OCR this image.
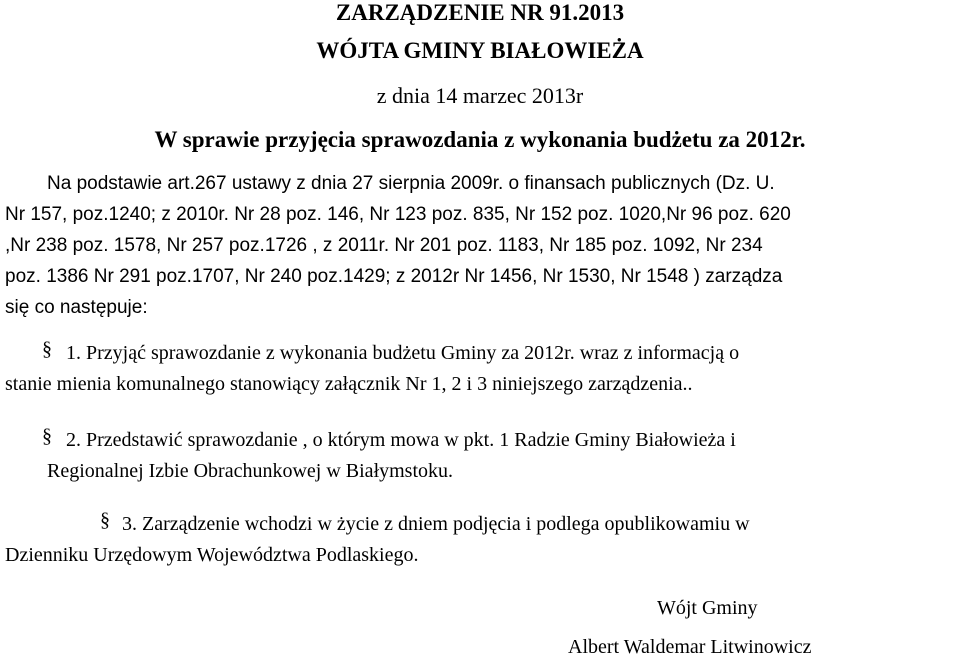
ZARZĄDZENIE NR 91.2013
WÓJTA GMINY BIAŁOWIEŻA
z dnia 14 marzec 2013r
W sprawie przyjęcia sprawozdania z wykonania budżetu za 2012r.
Na podstawie art.267 ustawy z dnia 27 sierpnia 2009r. o finansach publicznych (Dz. U.
Nr 157, poz.1240; z 2010r. Nr 28 poz. 146, Nr 123 poz. 835, Nr 152 poz. 1020,Nr 96 poz. 620
,Nr 238 poz. 1578, Nr 257 poz.1726 , z 2011r. Nr 201 poz. 1183, Nr 185 poz. 1092, Nr 234
poz. 1386 Nr 291 poz.1707, Nr 240 poz.1429; z 2012r Nr 1456, Nr 1530, Nr 1548 ) zarządza
się co następuje:
§ 1. Przyjąć sprawozdanie z wykonania budżetu Gminy za 2012r. wraz z informacją o
stanie mienia komunalnego stanowiący załącznik Nr 1, 2 i 3 niniejszego zarządzenia..
§ 2. Przedstawić sprawozdanie , o którym mowa w pkt. 1 Radzie Gminy Białowieża i
Regionalnej Izbie Obrachunkowej w Białymstoku.
§ 3. Zarządzenie wchodzi w życie z dniem podjęcia i podlega opublikowamiu w
Dzienniku Urzędowym Województwa Podlaskiego.
Wójt Gminy
Albert Waldemar Litwinowicz
